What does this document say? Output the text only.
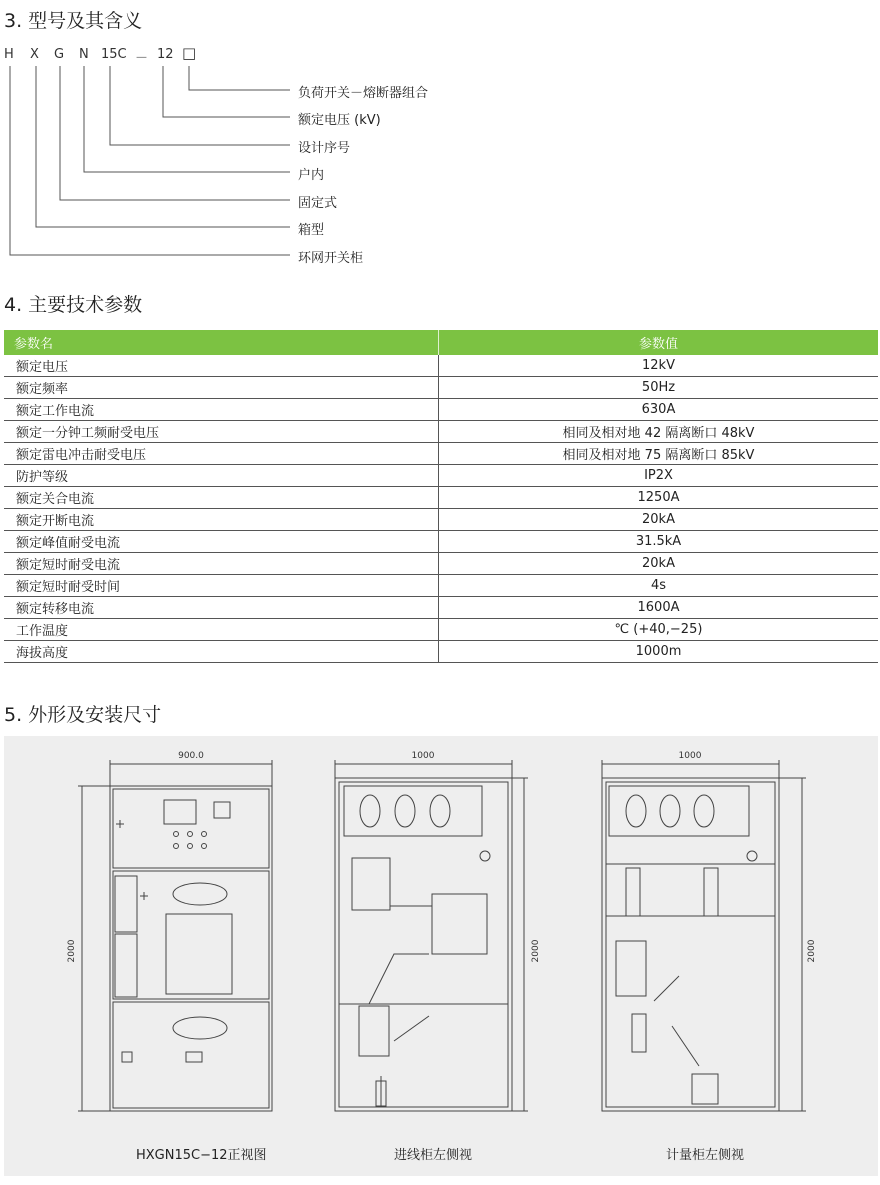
3. 型号及其含义
H X G N 15C － 12 □
负荷开关－熔断器组合
额定电压 (kV)
设计序号
户内
固定式
箱型
环网开关柜
4. 主要技术参数
参数名	参数值
额定电压	12kV
额定频率	50Hz
额定工作电流	630A
额定一分钟工频耐受电压	相同及相对地 42 隔离断口 48kV
额定雷电冲击耐受电压	相同及相对地 75 隔离断口 85kV
防护等级	IP2X
额定关合电流	1250A
额定开断电流	20kA
额定峰值耐受电流	31.5kA
额定短时耐受电流	20kA
额定短时耐受时间	4s
额定转移电流	1600A
工作温度	℃ (+40,−25)
海拔高度	1000m
5. 外形及安装尺寸
900.0
2000
1000
2000
1000
2000
HXGN15C−12正视图	进线柜左侧视	计量柜左侧视
